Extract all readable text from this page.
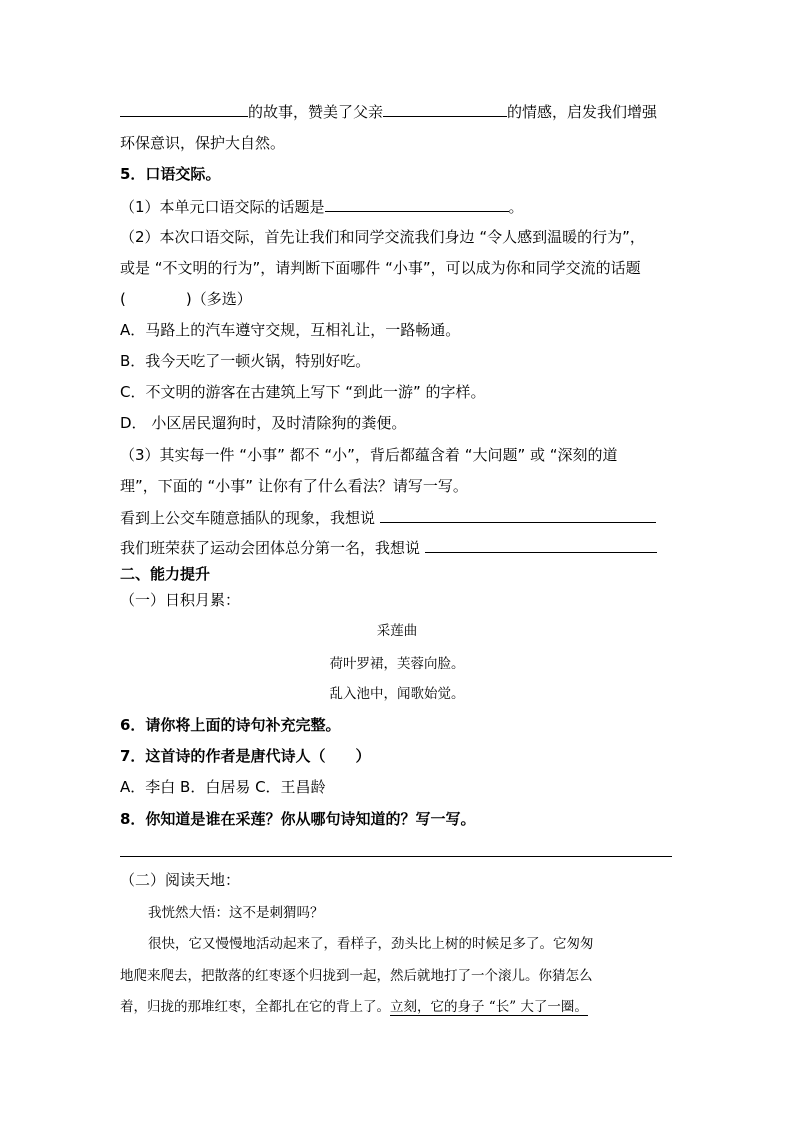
的故事，赞美了父亲	的情感，启发我们增强
环保意识，保护大自然。
5．口语交际。
（1）本单元口语交际的话题是	。
（2）本次口语交际，首先让我们和同学交流我们身边 “令人感到温暖的行为”，
或是 “不文明的行为”，请判断下面哪件 “小事”，可以成为你和同学交流的话题
(　　　　)（多选）
A．马路上的汽车遵守交规，互相礼让，一路畅通。
B．我今天吃了一顿火锅，特别好吃。
C．不文明的游客在古建筑上写下 “到此一游” 的字样。
D． 小区居民遛狗时，及时清除狗的粪便。
（3）其实每一件 “小事” 都不 “小”，背后都蕴含着 “大问题” 或 “深刻的道
理”，下面的 “小事” 让你有了什么看法？请写一写。
看到上公交车随意插队的现象，我想说
我们班荣获了运动会团体总分第一名，我想说
二、能力提升
（一）日积月累：
采莲曲
荷叶罗裙，芙蓉向脸。
乱入池中，闻歌始觉。
6．请你将上面的诗句补充完整。
7．这首诗的作者是唐代诗人（　　）
A．李白 B．白居易 C．王昌龄
8．你知道是谁在采莲？你从哪句诗知道的？写一写。
（二）阅读天地：
我恍然大悟：这不是刺猬吗？
很快，它又慢慢地活动起来了，看样子，劲头比上树的时候足多了。它匆匆
地爬来爬去，把散落的红枣逐个归拢到一起，然后就地打了一个滚儿。你猜怎么
着，归拢的那堆红枣，全都扎在它的背上了。立刻，它的身子 “长” 大了一圈。
